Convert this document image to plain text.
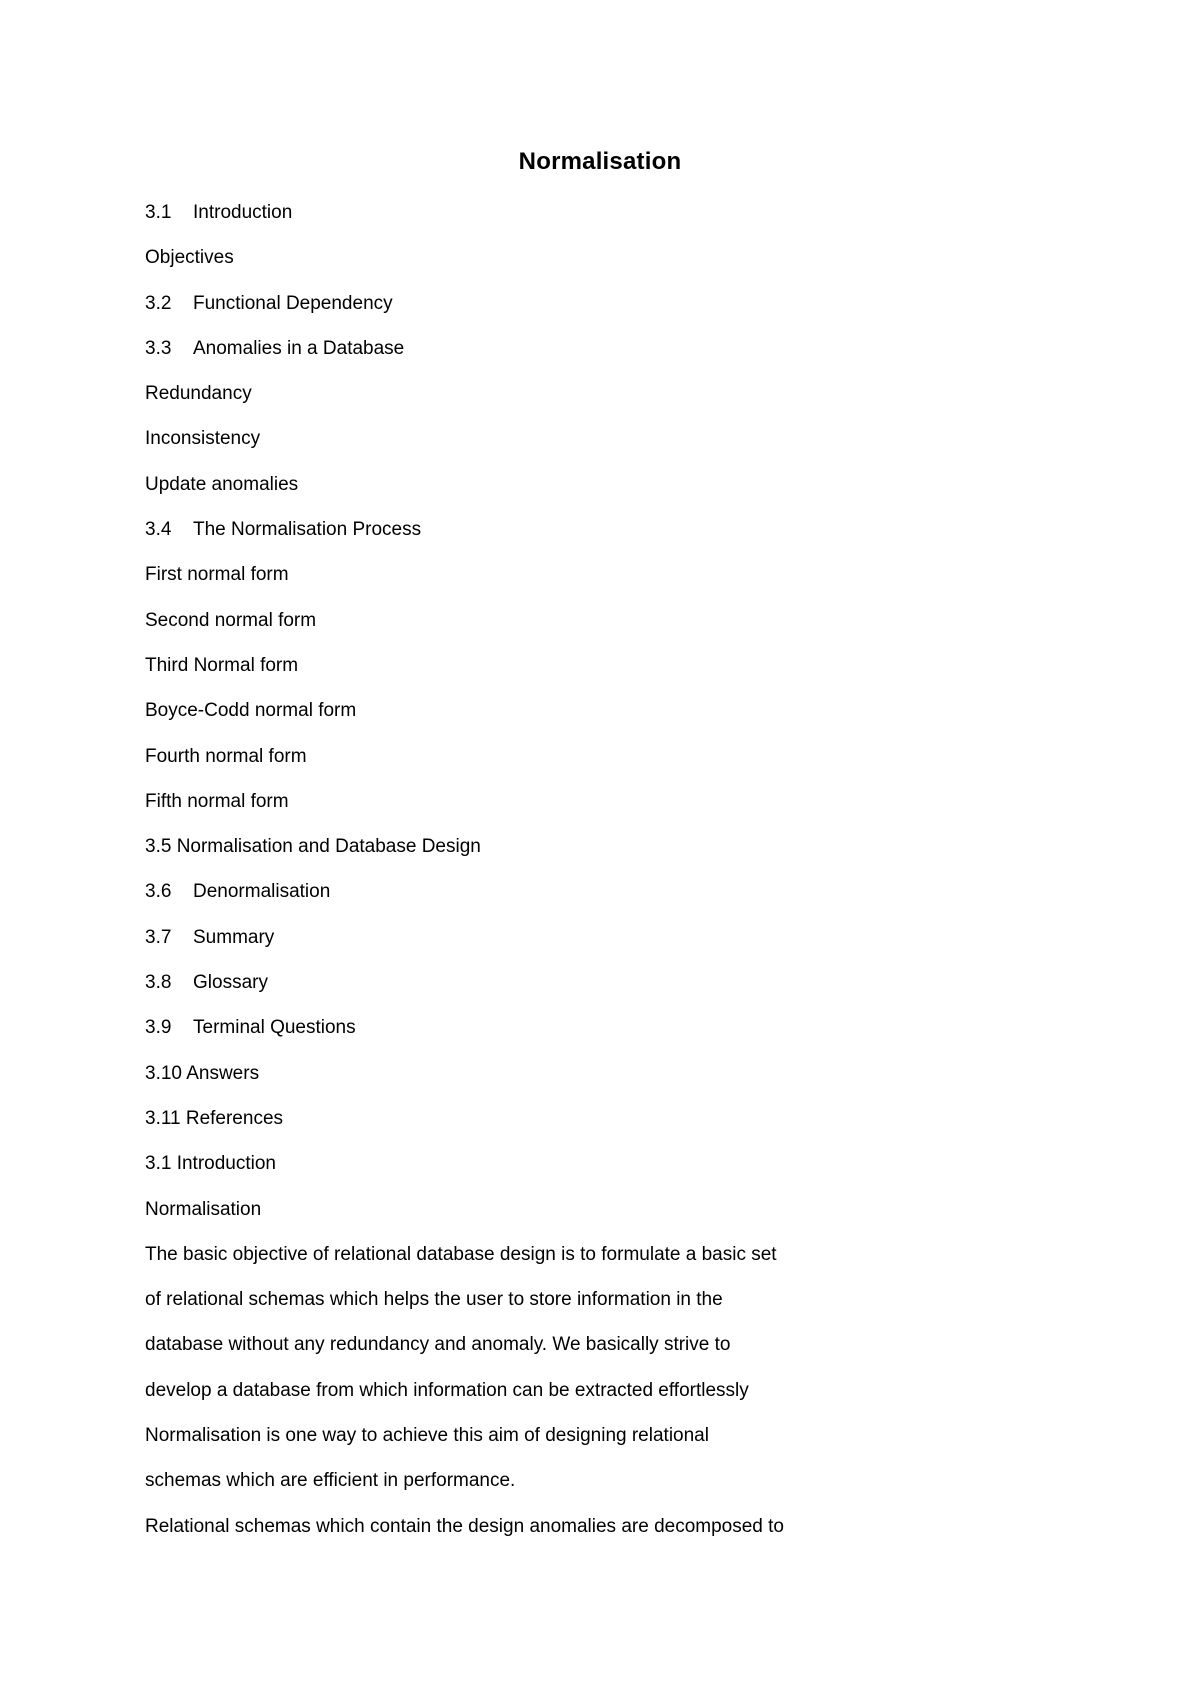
Normalisation
3.1 Introduction
Objectives
3.2 Functional Dependency
3.3 Anomalies in a Database
Redundancy
Inconsistency
Update anomalies
3.4 The Normalisation Process
First normal form
Second normal form
Third Normal form
Boyce-Codd normal form
Fourth normal form
Fifth normal form
3.5 Normalisation and Database Design
3.6 Denormalisation
3.7 Summary
3.8 Glossary
3.9 Terminal Questions
3.10 Answers
3.11 References
3.1 Introduction
Normalisation
The basic objective of relational database design is to formulate a basic set
of relational schemas which helps the user to store information in the
database without any redundancy and anomaly. We basically strive to
develop a database from which information can be extracted effortlessly
Normalisation is one way to achieve this aim of designing relational
schemas which are efficient in performance.
Relational schemas which contain the design anomalies are decomposed to
